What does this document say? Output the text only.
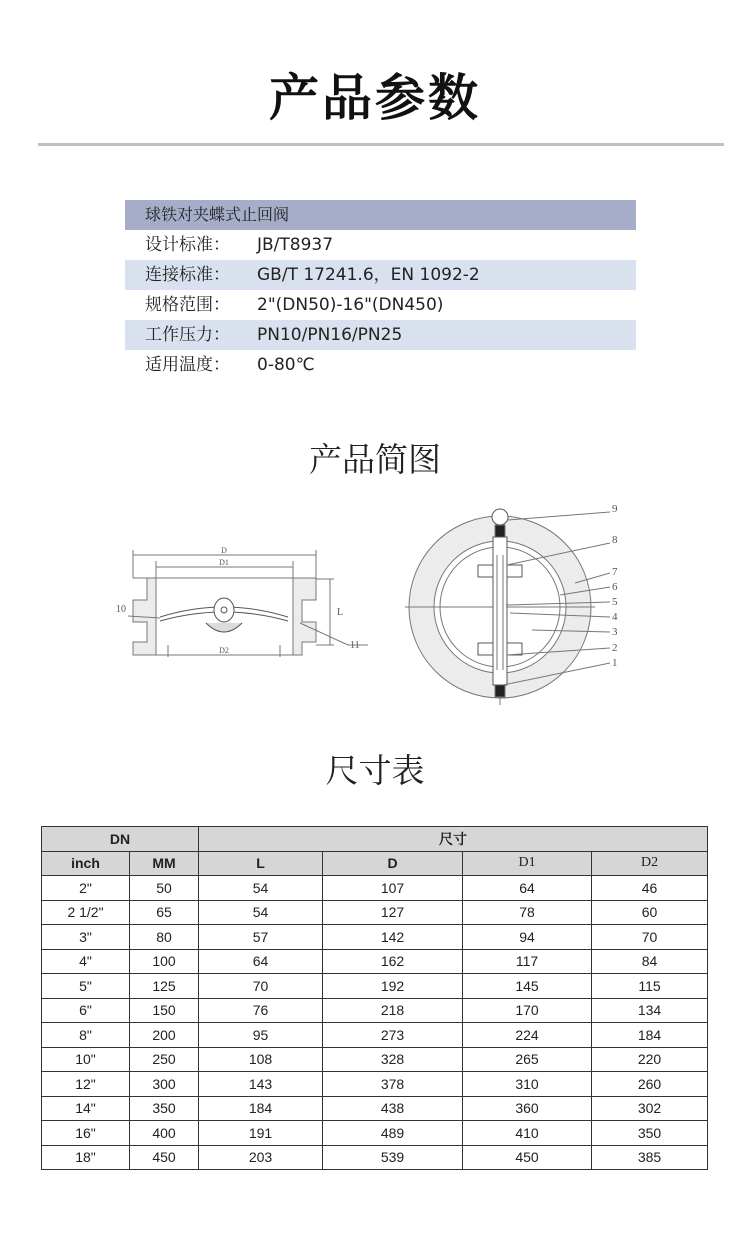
产品参数
球铁对夹蝶式止回阀
设计标准：	JB/T8937
连接标准：	GB/T 17241.6，EN 1092-2
规格范围：	2"(DN50)-16"(DN450)
工作压力：	PN10/PN16/PN25
适用温度：	0-80℃
产品简图
D
D1
D2
L
10
11
9
8
7
6
5
4
3
2
1
尺寸表
DN		尺寸			
inch	MM	L	D	D1	D2
2"	50	54	107	64	46
2 1/2"	65	54	127	78	60
3"	80	57	142	94	70
4"	100	64	162	117	84
5"	125	70	192	145	115
6"	150	76	218	170	134
8"	200	95	273	224	184
10"	250	108	328	265	220
12"	300	143	378	310	260
14"	350	184	438	360	302
16"	400	191	489	410	350
18"	450	203	539	450	385
